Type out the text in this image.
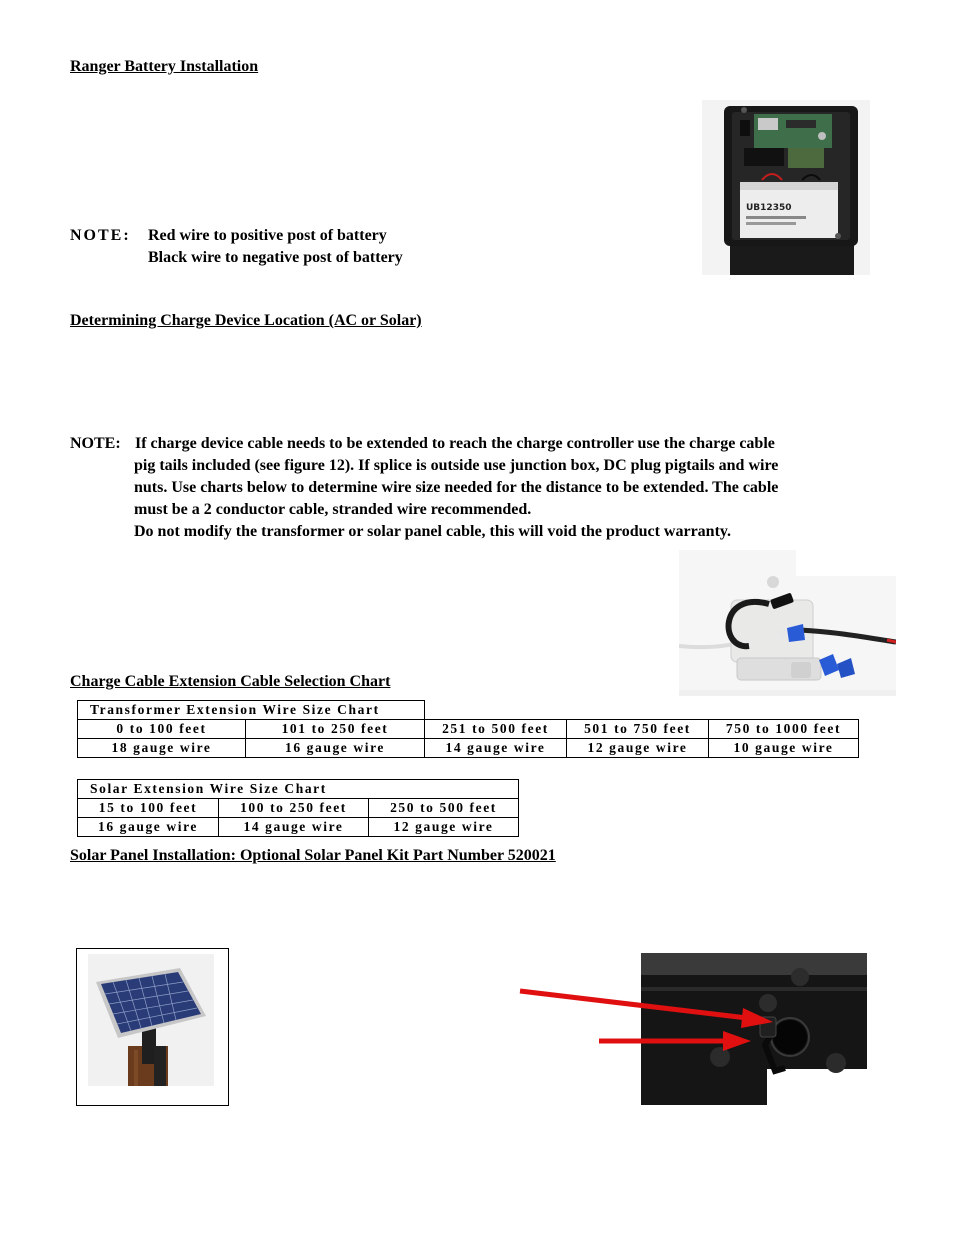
Ranger Battery Installation
NOTE: Red wire to positive post of battery
Black wire to negative post of battery
UB12350
Determining Charge Device Location (AC or Solar)
NOTE: If charge device cable needs to be extended to reach the charge controller use the charge cable
pig tails included (see figure 12). If splice is outside use junction box, DC plug pigtails and wire
nuts. Use charts below to determine wire size needed for the distance to be extended. The cable
must be a 2 conductor cable, stranded wire recommended.
Do not modify the transformer or solar panel cable, this will void the product warranty.
Charge Cable Extension Cable Selection Chart
Transformer Extension Wire Size Chart				
0 to 100 feet	101 to 250 feet	251 to 500 feet	501 to 750 feet	750 to 1000 feet
18 gauge wire	16 gauge wire	14 gauge wire	12 gauge wire	10 gauge wire
Solar Extension Wire Size Chart		
15 to 100 feet	100 to 250 feet	250 to 500 feet
16 gauge wire	14 gauge wire	12 gauge wire
Solar Panel Installation: Optional Solar Panel Kit Part Number 520021
